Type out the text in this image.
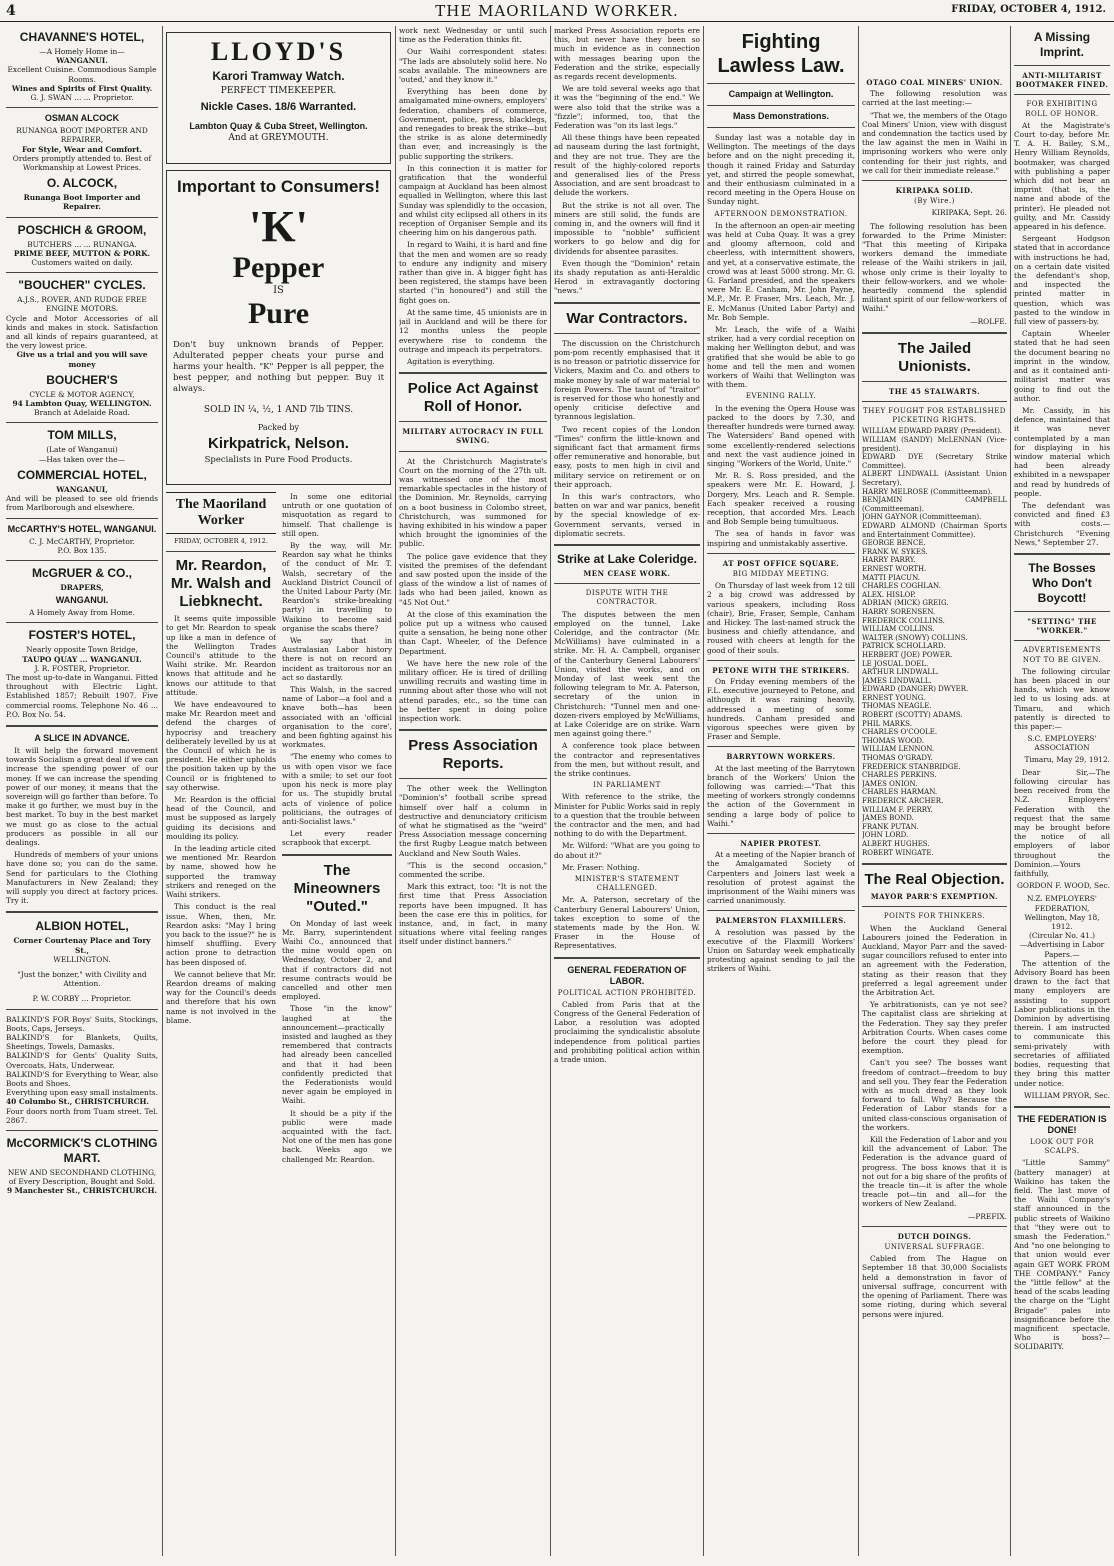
4	THE MAORILAND WORKER.	FRIDAY, OCTOBER 4, 1912.
CHAVANNE'S HOTEL,
—A Homely Home in—
WANGANUI.
Excellent Cuisine. Commodious Sample Rooms.
Wines and Spirits of First Quality.
G. J. SWAN ... ... Proprietor.
OSMAN ALCOCK
RUNANGA BOOT IMPORTER AND REPAIRER,
For Style, Wear and Comfort.
Orders promptly attended to. Best of Workmanship at Lowest Prices.
O. ALCOCK,
Runanga Boot Importer and Repairer.
POSCHICH & GROOM,
BUTCHERS ... ... RUNANGA.
PRIME BEEF, MUTTON & PORK.
Customers waited on daily.
"BOUCHER" CYCLES.
A.J.S., ROVER, AND RUDGE FREE ENGINE MOTORS.
Cycle and Motor Accessories of all kinds and makes in stock. Satisfaction and all kinds of repairs guaranteed, at the very lowest price.
Give us a trial and you will save money
BOUCHER'S
CYCLE & MOTOR AGENCY,
94 Lambton Quay, WELLINGTON.
Branch at Adelaide Road.
TOM MILLS,
(Late of Wanganui)
—Has taken over the—
COMMERCIAL HOTEL,
WANGANUI,
And will be pleased to see old friends from Marlborough and elsewhere.
McCARTHY'S HOTEL, WANGANUI.
C. J. McCARTHY, Proprietor.
P.O. Box 135.
McGRUER & CO.,
DRAPERS,
WANGANUI.
A Homely Away from Home.
FOSTER'S HOTEL,
Nearly opposite Town Bridge,
TAUPO QUAY ... WANGANUI.
J. R. FOSTER, Proprietor.
The most up-to-date in Wanganui. Fitted throughout with Electric Light. Established 1857; Rebuilt 1907. Five commercial rooms. Telephone No. 46 ... P.O. Box No. 54.
A SLICE IN ADVANCE.

It will help the forward movement towards Socialism a great deal if we can increase the spending power of our money. If we can increase the spending power of our money, it means that the sovereign will go farther than before. To make it go further, we must buy in the best market. To buy in the best market we must go as close to the actual producers as possible in all our dealings.

Hundreds of members of your unions have done so; you can do the same. Send for particulars to the Clothing Manufacturers in New Zealand; they will supply you direct at factory prices. Try it.

ALBION HOTEL,
Corner Courtenay Place and Tory St.,
WELLINGTON.
"Just the bonzer," with Civility and Attention.
P. W. CORBY ... Proprietor.
BALKIND'S FOR Boys' Suits, Stockings, Boots, Caps, Jerseys.
BALKIND'S for Blankets, Quilts, Sheetings, Towels, Damasks.
BALKIND'S for Gents' Quality Suits, Overcoats, Hats, Underwear.
BALKIND'S for Everything to Wear, also Boots and Shoes.
Everything upon easy small instalments.
40 Columbo St., CHRISTCHURCH.
Four doors north from Tuam street. Tel. 2867.
McCORMICK'S CLOTHING MART.
NEW AND SECONDHAND CLOTHING, of Every Description, Bought and Sold.
9 Manchester St., CHRISTCHURCH.
LLOYD'S
Karori Tramway Watch.
PERFECT TIMEKEEPER.
Nickle Cases. 18/6 Warranted.
Lambton Quay & Cuba Street, Wellington.
And at GREYMOUTH.
Important to Consumers!
'K'
Pepper
IS
Pure
Don't buy unknown brands of Pepper. Adulterated pepper cheats your purse and harms your health. "K" Pepper is all pepper, the best pepper, and nothing but pepper. Buy it always.
SOLD IN ¼, ½, 1 AND 7lb TINS.
Packed by
Kirkpatrick, Nelson.
Specialists in Pure Food Products.
The Maoriland Worker
FRIDAY, OCTOBER 4, 1912.
Mr. Reardon, Mr. Walsh and Liebknecht.

It seems quite impossible to get Mr. Reardon to speak up like a man in defence of the Wellington Trades Council's attitude to the Waihi strike. Mr. Reardon knows that attitude and he knows our attitude to that attitude.

We have endeavoured to make Mr. Reardon meet and defend the charges of hypocrisy and treachery deliberately levelled by us at the Council of which he is president. He either upholds the position taken up by the Council or is frightened to say otherwise.

Mr. Reardon is the official head of the Council, and must be supposed as largely guiding its decisions and moulding its policy.

In the leading article cited we mentioned Mr. Reardon by name, showed how he supported the tramway strikers and reneged on the Waihi strikers.

This conduct is the real issue. When, then, Mr. Reardon asks: "May I bring you back to the issue?" he is himself shuffling. Every action prone to detraction has been disposed of.

We cannot believe that Mr. Reardon dreams of making way for the Council's deeds and therefore that his own name is not involved in the blame.

In some one editorial untruth or one quotation of misquotation as regard to himself. That challenge is still open.

By the way, will Mr. Reardon say what he thinks of the conduct of Mr. T. Walsh, secretary of the Auckland District Council of the United Labour Party (Mr. Reardon's strike-breaking party) in travelling to Waikino to become said organise the scabs there?

We say that in Australasian Labor history there is not on record an incident as traitorous nor an act so dastardly.

This Walsh, in the sacred name of Labor—a fool and a knave both—has been associated with an 'official organisation to the core', and been fighting against his workmates.

"The enemy who comes to us with open visor we face with a smile; to set our foot upon his neck is more play for us. The stupidly brutal acts of violence of police politicians, the outrages of anti-Socialist laws."

Let every reader scrapbook that excerpt.

The Mineowners "Outed."

On Monday of last week Mr. Barry, superintendent Waihi Co., announced that the mine would open on Wednesday, October 2, and that if contractors did not resume contracts would be cancelled and other men employed.

Those "in the know" laughed at the announcement—practically insisted and laughed as they remembered that contracts had already been cancelled and that it had been confidently predicted that the Federationists would never again be employed in Waihi.

It should be a pity if the public were made acquainted with the fact. Not one of the men has gone back. Weeks ago we challenged Mr. Reardon.

work next Wednesday or until such time as the Federation thinks fit.

Our Waihi correspondent states: "The lads are absolutely solid here. No scabs available. The mineowners are 'outed,' and they know it."

Everything has been done by amalgamated mine-owners, employers' federation, chambers of commerce, Government, police, press, blacklegs, and renegades to break the strike—but the strike is as alone determinedly than ever, and increasingly is the public supporting the strikers.

In this connection it is matter for gratification that the wonderful campaign at Auckland has been almost equalled in Wellington, where this last Sunday was splendidly to the occasion, and whilst city eclipsed all others in its reception of Organiser Semple and its cheering him on his dangerous path.

In regard to Waihi, it is hard and fine that the men and women are so ready to endure any indignity and misery rather than give in. A bigger fight has been registered, the stamps have been started ("in honoured") and still the fight goes on.

At the same time, 45 unionists are in jail in Auckland and will be there for 12 months unless the people everywhere rise to condemn the outrage and impeach its perpetrators.

Agitation is everything.

Police Act Against Roll of Honor.
MILITARY AUTOCRACY IN FULL SWING.

At the Christchurch Magistrate's Court on the morning of the 27th ult. was witnessed one of the most remarkable spectacles in the history of the Dominion. Mr. Reynolds, carrying on a boot business in Colombo street, Christchurch, was summoned for having exhibited in his window a paper which brought the ignominies of the public.

The police gave evidence that they visited the premises of the defendant and saw posted upon the inside of the glass of the window a list of names of lads who had been jailed, known as "45 Not Out."

At the close of this examination the police put up a witness who caused quite a sensation, he being none other than Capt. Wheeler, of the Defence Department.

We have here the new role of the military officer. He is tired of drilling unwilling recruits and wasting time in running about after those who will not attend parades, etc., so the time can be better spent in doing police inspection work.

Press Association Reports.

The other week the Wellington "Dominion's" football scribe spread himself over half a column in destructive and denunciatory criticism of what he stigmatised as the "weird" Press Association message concerning the first Rugby League match between Auckland and New South Wales.

"This is the second occasion," commented the scribe.

Mark this extract, too: "It is not the first time that Press Association reports have been impugned. It has been the case ere this in politics, for instance, and, in fact, in many situations where vital feeling ranges itself under distinct banners."

marked Press Association reports ere this, but never have they been so much in evidence as in connection with messages bearing upon the Federation and the strike, especially as regards recent developments.

We are told several weeks ago that it was the "beginning of the end." We were also told that the strike was a "fizzle"; informed, too, that the Federation was "on its last legs."

All these things have been repeated ad nauseam during the last fortnight, and they are not true. They are the result of the highly-colored reports and generalised lies of the Press Association, and are sent broadcast to delude the workers.

But the strike is not all over. The miners are still solid, the funds are coming in, and the owners will find it impossible to "nobble" sufficient workers to go below and dig for dividends for absentee parasites.

Even though the "Dominion" retain its shady reputation as anti-Heraldic Herod in extravagantly doctoring "news."

War Contractors.

The discussion on the Christchurch pom-pom recently emphasised that it is no treason or patriotic disservice for Vickers, Maxim and Co. and others to make money by sale of war material to foreign Powers. The taunt of "traitor" is reserved for those who honestly and openly criticise defective and tyrannous legislation.

Two recent copies of the London "Times" confirm the little-known and significant fact that armament firms offer remunerative and honorable, but easy, posts to men high in civil and military service on retirement or on their approach.

In this war's contractors, who batten on war and war panics, benefit by the special knowledge of ex-Government servants, versed in diplomatic secrets.

Strike at Lake Coleridge.
MEN CEASE WORK.
DISPUTE WITH THE CONTRACTOR.

The disputes between the men employed on the tunnel, Lake Coleridge, and the contractor (Mr. McWilliams) have culminated in a strike. Mr. H. A. Campbell, organiser of the Canterbury General Labourers' Union, visited the works, and on Monday of last week sent the following telegram to Mr. A. Paterson, secretary of the union in Christchurch: "Tunnel men and one-dozen-rivers employed by McWilliams, at Lake Coleridge are on strike. Warn men against going there."

A conference took place between the contractor and representatives from the men, but without result, and the strike continues.

IN PARLIAMENT

With reference to the strike, the Minister for Public Works said in reply to a question that the trouble between the contractor and the men, and had nothing to do with the Department.

Mr. Wilford: "What are you going to do about it?"

Mr. Fraser: Nothing.

MINISTER'S STATEMENT CHALLENGED.

Mr. A. Paterson, secretary of the Canterbury General Labourers' Union, takes exception to some of the statements made by the Hon. W. Fraser in the House of Representatives.

GENERAL FEDERATION OF LABOR.
POLITICAL ACTION PROHIBITED.

Cabled from Paris that at the Congress of the General Federation of Labor, a resolution was adopted proclaiming the syndicalistic absolute independence from political parties and prohibiting political action within a trade union.

Fighting Lawless Law.
Campaign at Wellington.
Mass Demonstrations.

Sunday last was a notable day in Wellington. The meetings of the days before and on the night preceding it, though it rained Friday and Saturday yet, and stirred the people somewhat, and their enthusiasm culminated in a record meeting in the Opera House on Sunday night.

AFTERNOON DEMONSTRATION.

In the afternoon an open-air meeting was held at Cuba Quay. It was a grey and gloomy afternoon, cold and cheerless, with intermittent showers, and yet, at a conservative estimate, the crowd was at least 5000 strong. Mr. G. G. Farland presided, and the speakers were Mr. E. Canham, Mr. John Payne, M.P., Mr. P. Fraser, Mrs. Leach, Mr. J. E. McManus (United Labor Party) and Mr. Bob Semple.

Mr. Leach, the wife of a Waihi striker, had a very cordial reception on making her Wellington debut, and was gratified that she would be able to go home and tell the men and women workers of Waihi that Wellington was with them.

EVENING RALLY.

In the evening the Opera House was packed to the doors by 7.30, and thereafter hundreds were turned away. The Watersiders' Band opened with some excellently-rendered selections and next the vast audience joined in singing "Workers of the World, Unite."

Mr. R. S. Ross presided, and the speakers were Mr. E. Howard, J. Dorgery, Mrs. Leach and R. Semple. Each speaker received a rousing reception, that accorded Mrs. Leach and Bob Semple being tumultuous.

The sea of hands in favor was inspiring and unmistakably assertive.

AT POST OFFICE SQUARE.
BIG MIDDAY MEETING.

On Thursday of last week from 12 till 2 a big crowd was addressed by various speakers, including Ross (chair), Brie, Fraser, Semple, Canham and Hickey. The last-named struck the business and chiefly attendance, and roused with cheers at length for the good of their souls.

PETONE WITH THE STRIKERS.

On Friday evening members of the F.L. executive journeyed to Petone, and although it was raining heavily, addressed a meeting of some hundreds. Canham presided and vigorous speeches were given by Fraser and Semple.

BARRYTOWN WORKERS.

At the last meeting of the Barrytown branch of the Workers' Union the following was carried:—"That this meeting of workers strongly condemns the action of the Government in sending a large body of police to Waihi."

NAPIER PROTEST.

At a meeting of the Napier branch of the Amalgamated Society of Carpenters and Joiners last week a resolution of protest against the imprisonment of the Waihi miners was carried unanimously.

PALMERSTON FLAXMILLERS.

A resolution was passed by the executive of the Flaxmill Workers' Union on Saturday week emphatically protesting against sending to jail the strikers of Waihi.

OTAGO COAL MINERS' UNION.

The following resolution was carried at the last meeting:—

"That we, the members of the Otago Coal Miners' Union, view with disgust and condemnation the tactics used by the law against the men in Waihi in imprisoning workers who were only contending for their just rights, and we call for their immediate release."

KIRIPAKA SOLID.
(By Wire.)
KIRIPAKA, Sept. 26.

The following resolution has been forwarded to the Prime Minister: "That this meeting of Kiripaka workers demand the immediate release of the Waihi strikers in jail, whose only crime is their loyalty to their fellow-workers, and we whole-heartedly commend the splendid militant spirit of our fellow-workers of Waihi."

—ROLFE.
The Jailed Unionists.
THE 45 STALWARTS.
THEY FOUGHT FOR ESTABLISHED PICKETING RIGHTS.
WILLIAM EDWARD PARRY (President).
WILLIAM (SANDY) McLENNAN (Vice-president).
EDWARD DYE (Secretary Strike Committee).
ALBERT LINDWALL (Assistant Union Secretary).
HARRY MELROSE (Committeeman).
BENJAMIN CAMPBELL (Committeeman).
JOHN GAYNOR (Committeeman).
EDWARD ALMOND (Chairman Sports and Entertainment Committee).
GEORGE BENCE.
FRANK W. SYKES.
HARRY PARRY.
ERNEST WORTH.
MATTI PIACUN.
CHARLES COGHLAN.
ALEX. HISLOP.
ADRIAN (MICK) GREIG.
HARRY SORENSEN.
FREDERICK COLLINS.
WILLIAM COLLINS.
WALTER (SNOWY) COLLINS.
PATRICK SCHOLLARD.
HERBERT (JOE) POWER.
LE JOSUAL DOEL.
ARTHUR LINDWALL.
JAMES LINDWALL.
EDWARD (DANGER) DWYER.
ERNEST YOUNG.
THOMAS NEAGLE.
ROBERT (SCOTTY) ADAMS.
PHIL MARKS.
CHARLES O'COOLE.
THOMAS WOOD.
WILLIAM LENNON.
THOMAS O'GRADY.
FREDERICK STANBRIDGE.
CHARLES PERKINS.
JAMES ONION.
CHARLES HARMAN.
FREDERICK ARCHER.
WILLIAM F. PERRY.
JAMES BOND.
FRANK PUTAN.
JOHN LORD.
ALBERT HUGHES.
ROBERT WINGATE.
The Real Objection.
MAYOR PARR'S EXEMPTION.
POINTS FOR THINKERS.

When the Auckland General Labourers joined the Federation in Auckland, Mayor Parr and the saved-sugar councillors refused to enter into an agreement with the Federation, stating as their reason that they preferred a legal agreement under the Arbitration Act.

Ye arbitrationists, can ye not see? The capitalist class are shrieking at the Federation. They say they prefer Arbitration Courts. When cases come before the court they plead for exemption.

Can't you see? The bosses want freedom of contract—freedom to buy and sell you. They fear the Federation with as much dread as they look forward to fall. Why? Because the Federation of Labor stands for a united class-conscious organisation of the workers.

Kill the Federation of Labor and you kill the advancement of Labor. The Federation is the advance guard of progress. The boss knows that it is not out for a big share of the profits of the treacle tin—it is after the whole treacle pot—tin and all—for the workers of New Zealand.

—PREFIX.
DUTCH DOINGS.
UNIVERSAL SUFFRAGE.

Cabled from The Hague on September 18 that 30,000 Socialists held a demonstration in favor of universal suffrage, concurrent with the opening of Parliament. There was some rioting, during which several persons were injured.

A Missing Imprint.
ANTI-MILITARIST BOOTMAKER FINED.
FOR EXHIBITING ROLL OF HONOR.

At the Magistrate's Court to-day, before Mr. T. A. H. Bailey, S.M., Henry William Reynolds, bootmaker, was charged with publishing a paper which did not bear an imprint (that is, the name and abode of the printer). He pleaded not guilty, and Mr. Cassidy appeared in his defence.

Sergeant Hodgson stated that in accordance with instructions he had, on a certain date visited the defendant's shop, and inspected the printed matter in question, which was pasted to the window in full view of passers-by.

Captain Wheeler stated that he had seen the document bearing no imprint in the window, and as it contained anti-militarist matter was going to find out the author.

Mr. Cassidy, in his defence, maintained that it was never contemplated by a man for displaying in his window material which had been already exhibited in a newspaper and read by hundreds of people.

The defendant was convicted and fined £3 with costs.—Christchurch "Evening News," September 27.

The Bosses Who Don't Boycott!
"SETTING" THE "WORKER."
ADVERTISEMENTS NOT TO BE GIVEN.

The following circular has been placed in our hands, which we know led to us losing ads. at Timaru, and which patently is directed to this paper:—

S.C. EMPLOYERS' ASSOCIATION
Timaru, May 29, 1912.

Dear Sir,—The following circular has been received from the N.Z. Employers' Federation with the request that the same may be brought before the notice of all employers of labor throughout the Dominion.—Yours faithfully,

GORDON F. WOOD, Sec.
N.Z. EMPLOYERS' FEDERATION, Wellington, May 18, 1912.
(Circular No. 41.)
—Advertising in Labor Papers.—

The attention of the Advisory Board has been drawn to the fact that many employers are assisting to support Labor publications in the Dominion by advertising therein. I am instructed to communicate this semi-privately with secretaries of affiliated bodies, requesting that they bring this matter under notice.

WILLIAM PRYOR, Sec.
THE FEDERATION IS DONE!
LOOK OUT FOR SCALPS.

"Little Sammy" (battery manager) at Waikino has taken the field. The last move of the Waihi Company's staff announced in the public streets of Waikino that "they were out to smash the Federation." And "no one belonging to that union would ever again GET WORK FROM THE COMPANY." Fancy the "little fellow" at the head of the scabs leading the charge on the "Light Brigade" pales into insignificance before the magnificent spectacle. Who is boss?—SOLIDARITY.
